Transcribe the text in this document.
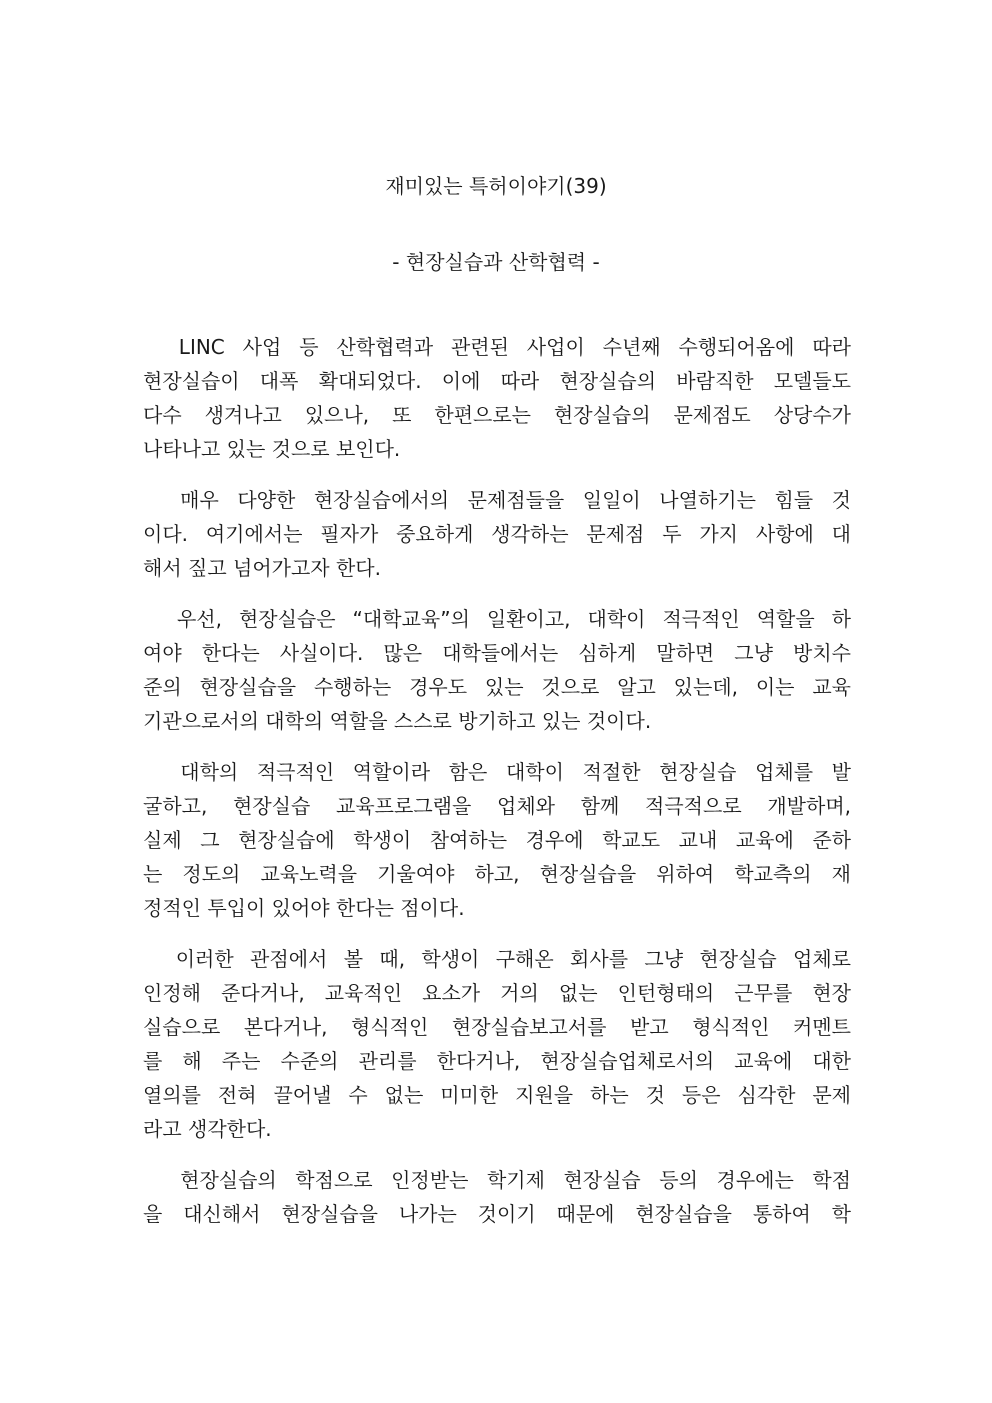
재미있는 특허이야기(39)
- 현장실습과 산학협력 -
LINC 사업 등 산학협력과 관련된 사업이 수년째 수행되어옴에 따라
현장실습이 대폭 확대되었다. 이에 따라 현장실습의 바람직한 모델들도
다수 생겨나고 있으나, 또 한편으로는 현장실습의 문제점도 상당수가
나타나고 있는 것으로 보인다.
매우 다양한 현장실습에서의 문제점들을 일일이 나열하기는 힘들 것
이다. 여기에서는 필자가 중요하게 생각하는 문제점 두 가지 사항에 대
해서 짚고 넘어가고자 한다.
우선, 현장실습은 “대학교육”의 일환이고, 대학이 적극적인 역할을 하
여야 한다는 사실이다. 많은 대학들에서는 심하게 말하면 그냥 방치수
준의 현장실습을 수행하는 경우도 있는 것으로 알고 있는데, 이는 교육
기관으로서의 대학의 역할을 스스로 방기하고 있는 것이다.
대학의 적극적인 역할이라 함은 대학이 적절한 현장실습 업체를 발
굴하고, 현장실습 교육프로그램을 업체와 함께 적극적으로 개발하며,
실제 그 현장실습에 학생이 참여하는 경우에 학교도 교내 교육에 준하
는 정도의 교육노력을 기울여야 하고, 현장실습을 위하여 학교측의 재
정적인 투입이 있어야 한다는 점이다.
이러한 관점에서 볼 때, 학생이 구해온 회사를 그냥 현장실습 업체로
인정해 준다거나, 교육적인 요소가 거의 없는 인턴형태의 근무를 현장
실습으로 본다거나, 형식적인 현장실습보고서를 받고 형식적인 커멘트
를 해 주는 수준의 관리를 한다거나, 현장실습업체로서의 교육에 대한
열의를 전혀 끌어낼 수 없는 미미한 지원을 하는 것 등은 심각한 문제
라고 생각한다.
현장실습의 학점으로 인정받는 학기제 현장실습 등의 경우에는 학점
을 대신해서 현장실습을 나가는 것이기 때문에 현장실습을 통하여 학
